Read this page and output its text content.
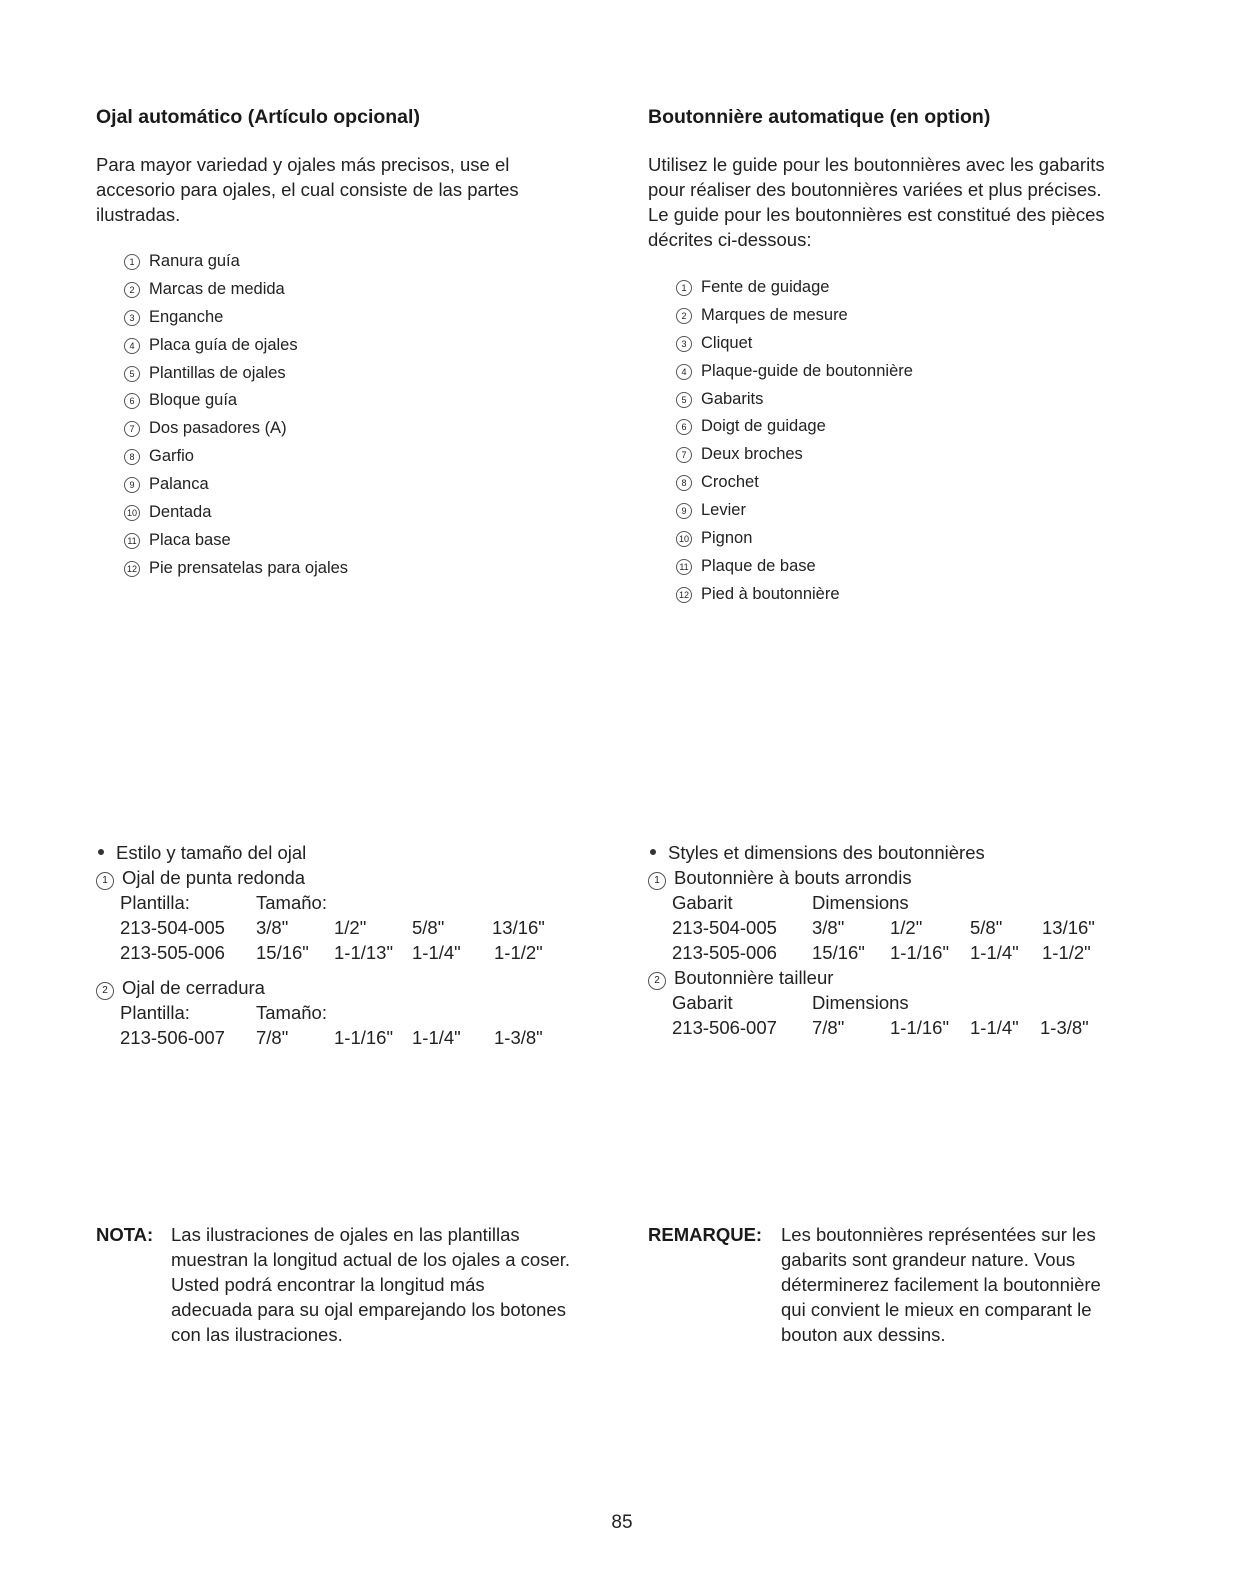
Ojal automático (Artículo opcional)
Para mayor variedad y ojales más precisos, use el
accesorio para ojales, el cual consiste de las partes
ilustradas.
1 Ranura guía
2 Marcas de medida
3 Enganche
4 Placa guía de ojales
5 Plantillas de ojales
6 Bloque guía
7 Dos pasadores (A)
8 Garfio
9 Palanca
10 Dentada
11 Placa base
12 Pie prensatelas para ojales
Estilo y tamaño del ojal
1 Ojal de punta redonda
Plantilla:	Tamaño:
213-504-005 3/8" 1/2" 5/8"	13/16"
213-505-006 15/16" 1-1/13" 1-1/4" 1-1/2"
2 Ojal de cerradura
Plantilla:	Tamaño:
213-506-007 7/8" 1-1/16" 1-1/4" 1-3/8"
NOTA: Las ilustraciones de ojales en las plantillas
muestran la longitud actual de los ojales a coser.
Usted podrá encontrar la longitud más
adecuada para su ojal emparejando los botones
con las ilustraciones.
Boutonnière automatique (en option)
Utilisez le guide pour les boutonnières avec les gabarits
pour réaliser des boutonnières variées et plus précises.
Le guide pour les boutonnières est constitué des pièces
décrites ci-dessous:
1 Fente de guidage
2 Marques de mesure
3 Cliquet
4 Plaque-guide de boutonnière
5 Gabarits
6 Doigt de guidage
7 Deux broches
8 Crochet
9 Levier
10 Pignon
11 Plaque de base
12 Pied à boutonnière
Styles et dimensions des boutonnières
1 Boutonnière à bouts arrondis
Gabarit	Dimensions
213-504-005 3/8" 1/2"	5/8" 13/16"
213-505-006 15/16" 1-1/16" 1-1/4" 1-1/2"
2 Boutonnière tailleur
Gabarit	Dimensions
213-506-007 7/8" 1-1/16" 1-1/4" 1-3/8"
REMARQUE: Les boutonnières représentées sur les
gabarits sont grandeur nature. Vous
déterminerez facilement la boutonnière
qui convient le mieux en comparant le
bouton aux dessins.
85
